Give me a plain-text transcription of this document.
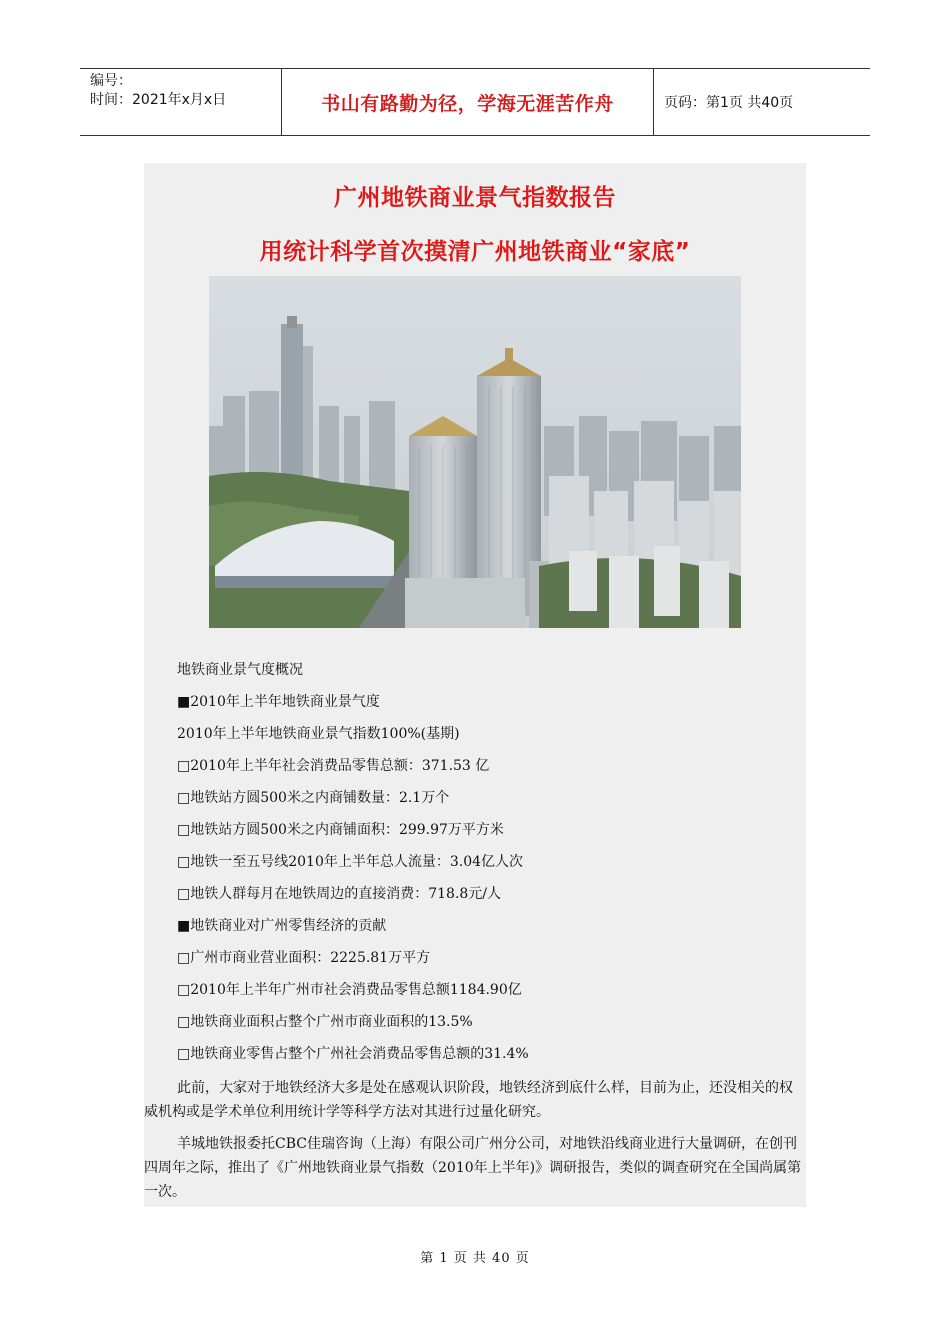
编号：
时间：2021年x月x日	书山有路勤为径，学海无涯苦作舟	页码：第1页 共40页
广州地铁商业景气指数报告
用统计科学首次摸清广州地铁商业“家底”
地铁商业景气度概况
■2010年上半年地铁商业景气度
2010年上半年地铁商业景气指数100%(基期)
□2010年上半年社会消费品零售总额：371.53 亿
□地铁站方圆500米之内商铺数量：2.1万个
□地铁站方圆500米之内商铺面积：299.97万平方米
□地铁一至五号线2010年上半年总人流量：3.04亿人次
□地铁人群每月在地铁周边的直接消费：718.8元/人
■地铁商业对广州零售经济的贡献
□广州市商业营业面积：2225.81万平方
□2010年上半年广州市社会消费品零售总额1184.90亿
□地铁商业面积占整个广州市商业面积的13.5%
□地铁商业零售占整个广州社会消费品零售总额的31.4%

此前，大家对于地铁经济大多是处在感观认识阶段，地铁经济到底什么样，目前为止，还没相关的权威机构或是学术单位利用统计学等科学方法对其进行过量化研究。

羊城地铁报委托CBC佳瑞咨询（上海）有限公司广州分公司，对地铁沿线商业进行大量调研，在创刊四周年之际，推出了《广州地铁商业景气指数（2010年上半年)》调研报告，类似的调查研究在全国尚属第一次。

第 1 页 共 40 页
